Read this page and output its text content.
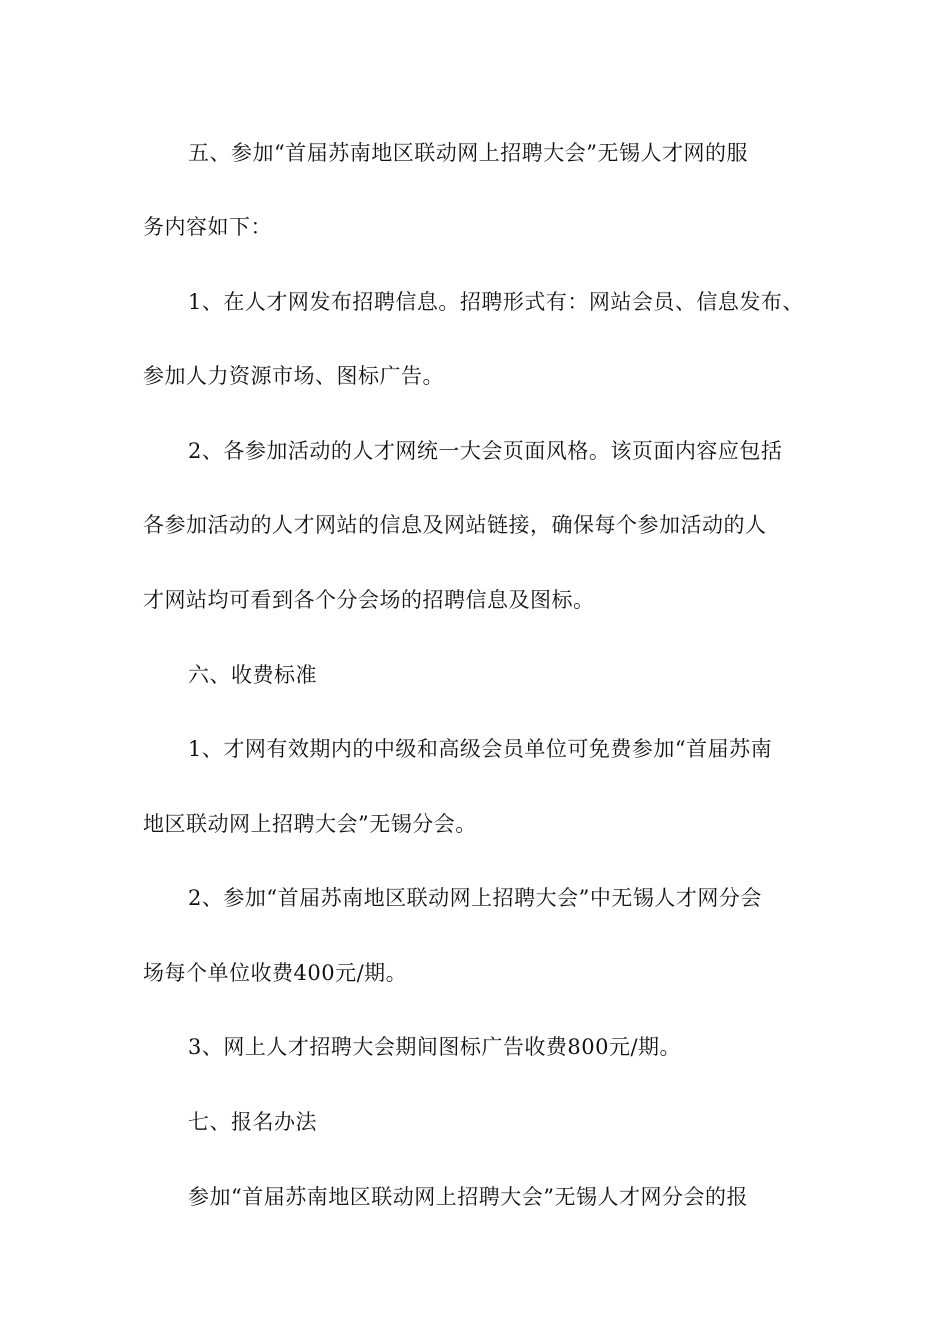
五、参加“首届苏南地区联动网上招聘大会”无锡人才网的服
务内容如下：
1、在人才网发布招聘信息。招聘形式有：网站会员、信息发布、
参加人力资源市场、图标广告。
2、各参加活动的人才网统一大会页面风格。该页面内容应包括
各参加活动的人才网站的信息及网站链接，确保每个参加活动的人
才网站均可看到各个分会场的招聘信息及图标。
六、收费标准
1、才网有效期内的中级和高级会员单位可免费参加“首届苏南
地区联动网上招聘大会”无锡分会。
2、参加“首届苏南地区联动网上招聘大会”中无锡人才网分会
场每个单位收费400元/期。
3、网上人才招聘大会期间图标广告收费800元/期。
七、报名办法
参加“首届苏南地区联动网上招聘大会”无锡人才网分会的报
